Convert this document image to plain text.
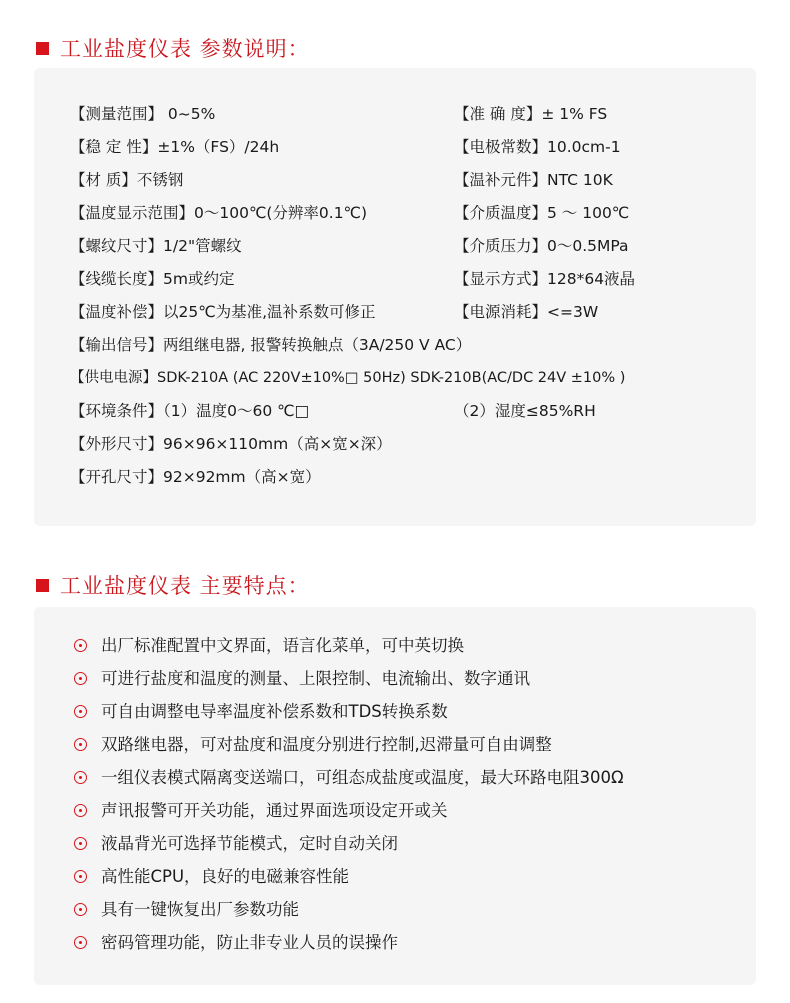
工业盐度仪表 参数说明：
【测量范围】 0~5%	【准 确 度】± 1% FS
【稳 定 性】±1%（FS）/24h	【电极常数】10.0cm-1
【材 质】不锈钢	【温补元件】NTC 10K
【温度显示范围】0～100℃(分辨率0.1℃)	【介质温度】5 ～ 100℃
【螺纹尺寸】1/2"管螺纹	【介质压力】0～0.5MPa
【线缆长度】5m或约定	【显示方式】128*64液晶
【温度补偿】以25℃为基准,温补系数可修正	【电源消耗】<=3W
【输出信号】两组继电器, 报警转换触点（3A/250 V AC）
【供电电源】SDK-210A (AC 220V±10%□ 50Hz) SDK-210B(AC/DC 24V ±10% )
【环境条件】（1）温度0～60 ℃□	（2）湿度≤85%RH
【外形尺寸】96×96×110mm（高×宽×深）
【开孔尺寸】92×92mm（高×宽）
工业盐度仪表 主要特点：
出厂标准配置中文界面，语言化菜单，可中英切换
可进行盐度和温度的测量、上限控制、电流输出、数字通讯
可自由调整电导率温度补偿系数和TDS转换系数
双路继电器，可对盐度和温度分别进行控制,迟滞量可自由调整
一组仪表模式隔离变送端口，可组态成盐度或温度，最大环路电阻300Ω
声讯报警可开关功能，通过界面选项设定开或关
液晶背光可选择节能模式，定时自动关闭
高性能CPU，良好的电磁兼容性能
具有一键恢复出厂参数功能
密码管理功能，防止非专业人员的误操作
